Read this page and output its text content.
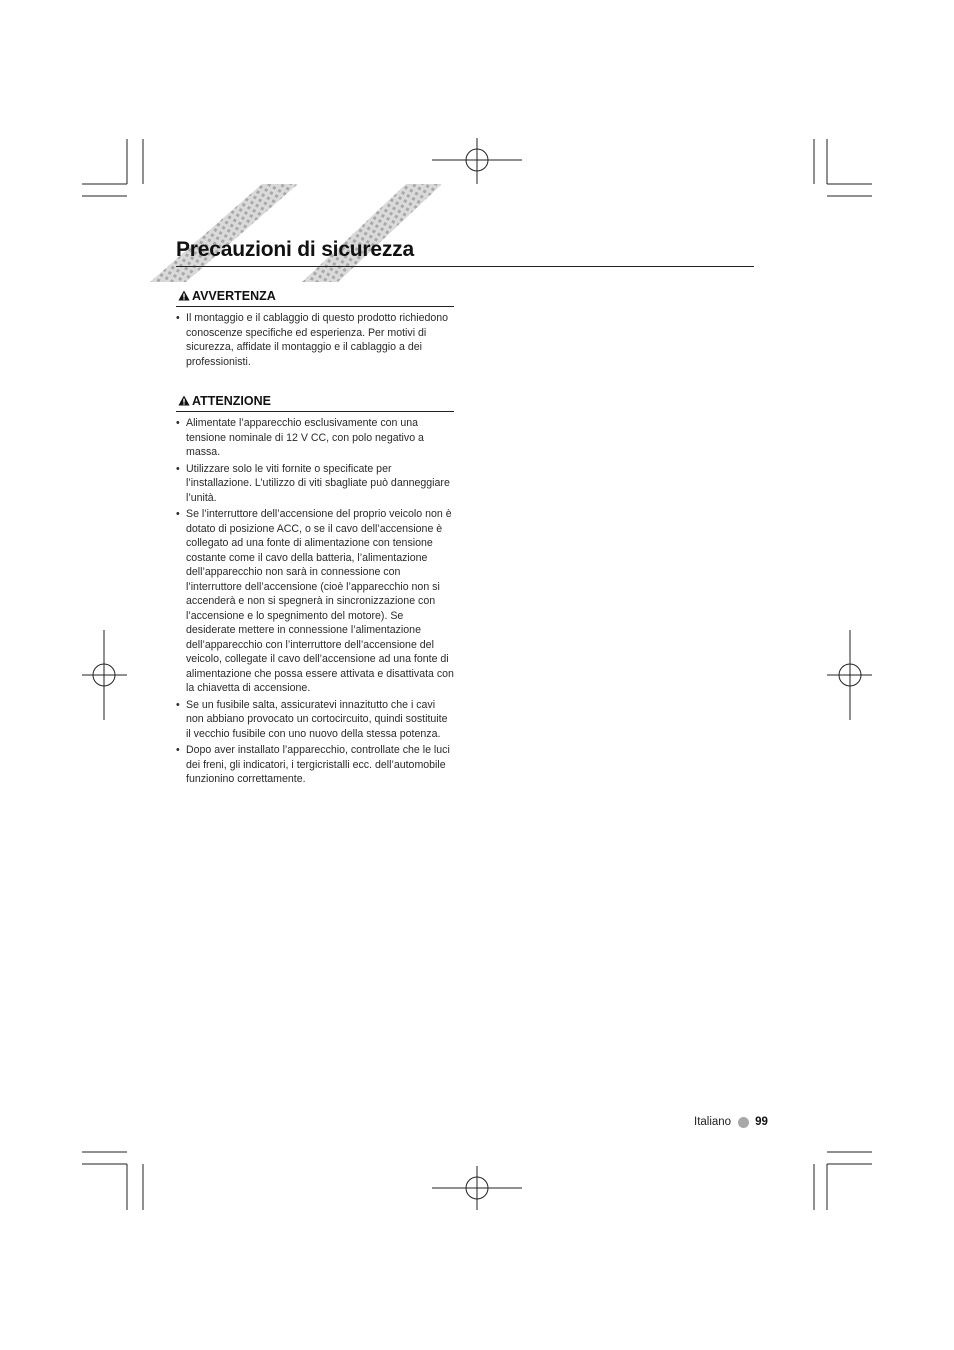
Precauzioni di sicurezza
AVVERTENZA
• Il montaggio e il cablaggio di questo prodotto richiedono conoscenze specifiche ed esperienza. Per motivi di sicurezza, affidate il montaggio e il cablaggio a dei professionisti.
ATTENZIONE
• Alimentate l’apparecchio esclusivamente con una tensione nominale di 12 V CC, con polo negativo a massa.
• Utilizzare solo le viti fornite o specificate per l’installazione. L’utilizzo di viti sbagliate può danneggiare l’unità.
• Se l’interruttore dell’accensione del proprio veicolo non è dotato di posizione ACC, o se il cavo dell’accensione è collegato ad una fonte di alimentazione con tensione costante come il cavo della batteria, l’alimentazione dell’apparecchio non sarà in connessione con l’interruttore dell’accensione (cioè l’apparecchio non si accenderà e non si spegnerà in sincronizzazione con l’accensione e lo spegnimento del motore). Se desiderate mettere in connessione l’alimentazione dell’apparecchio con l’interruttore dell’accensione del veicolo, collegate il cavo dell’accensione ad una fonte di alimentazione che possa essere attivata e disattivata con la chiavetta di accensione.
• Se un fusibile salta, assicuratevi innazitutto che i cavi non abbiano provocato un cortocircuito, quindi sostituite il vecchio fusibile con uno nuovo della stessa potenza.
• Dopo aver installato l’apparecchio, controllate che le luci dei freni, gli indicatori, i tergicristalli ecc. dell’automobile funzionino correttamente.
Italiano 99
